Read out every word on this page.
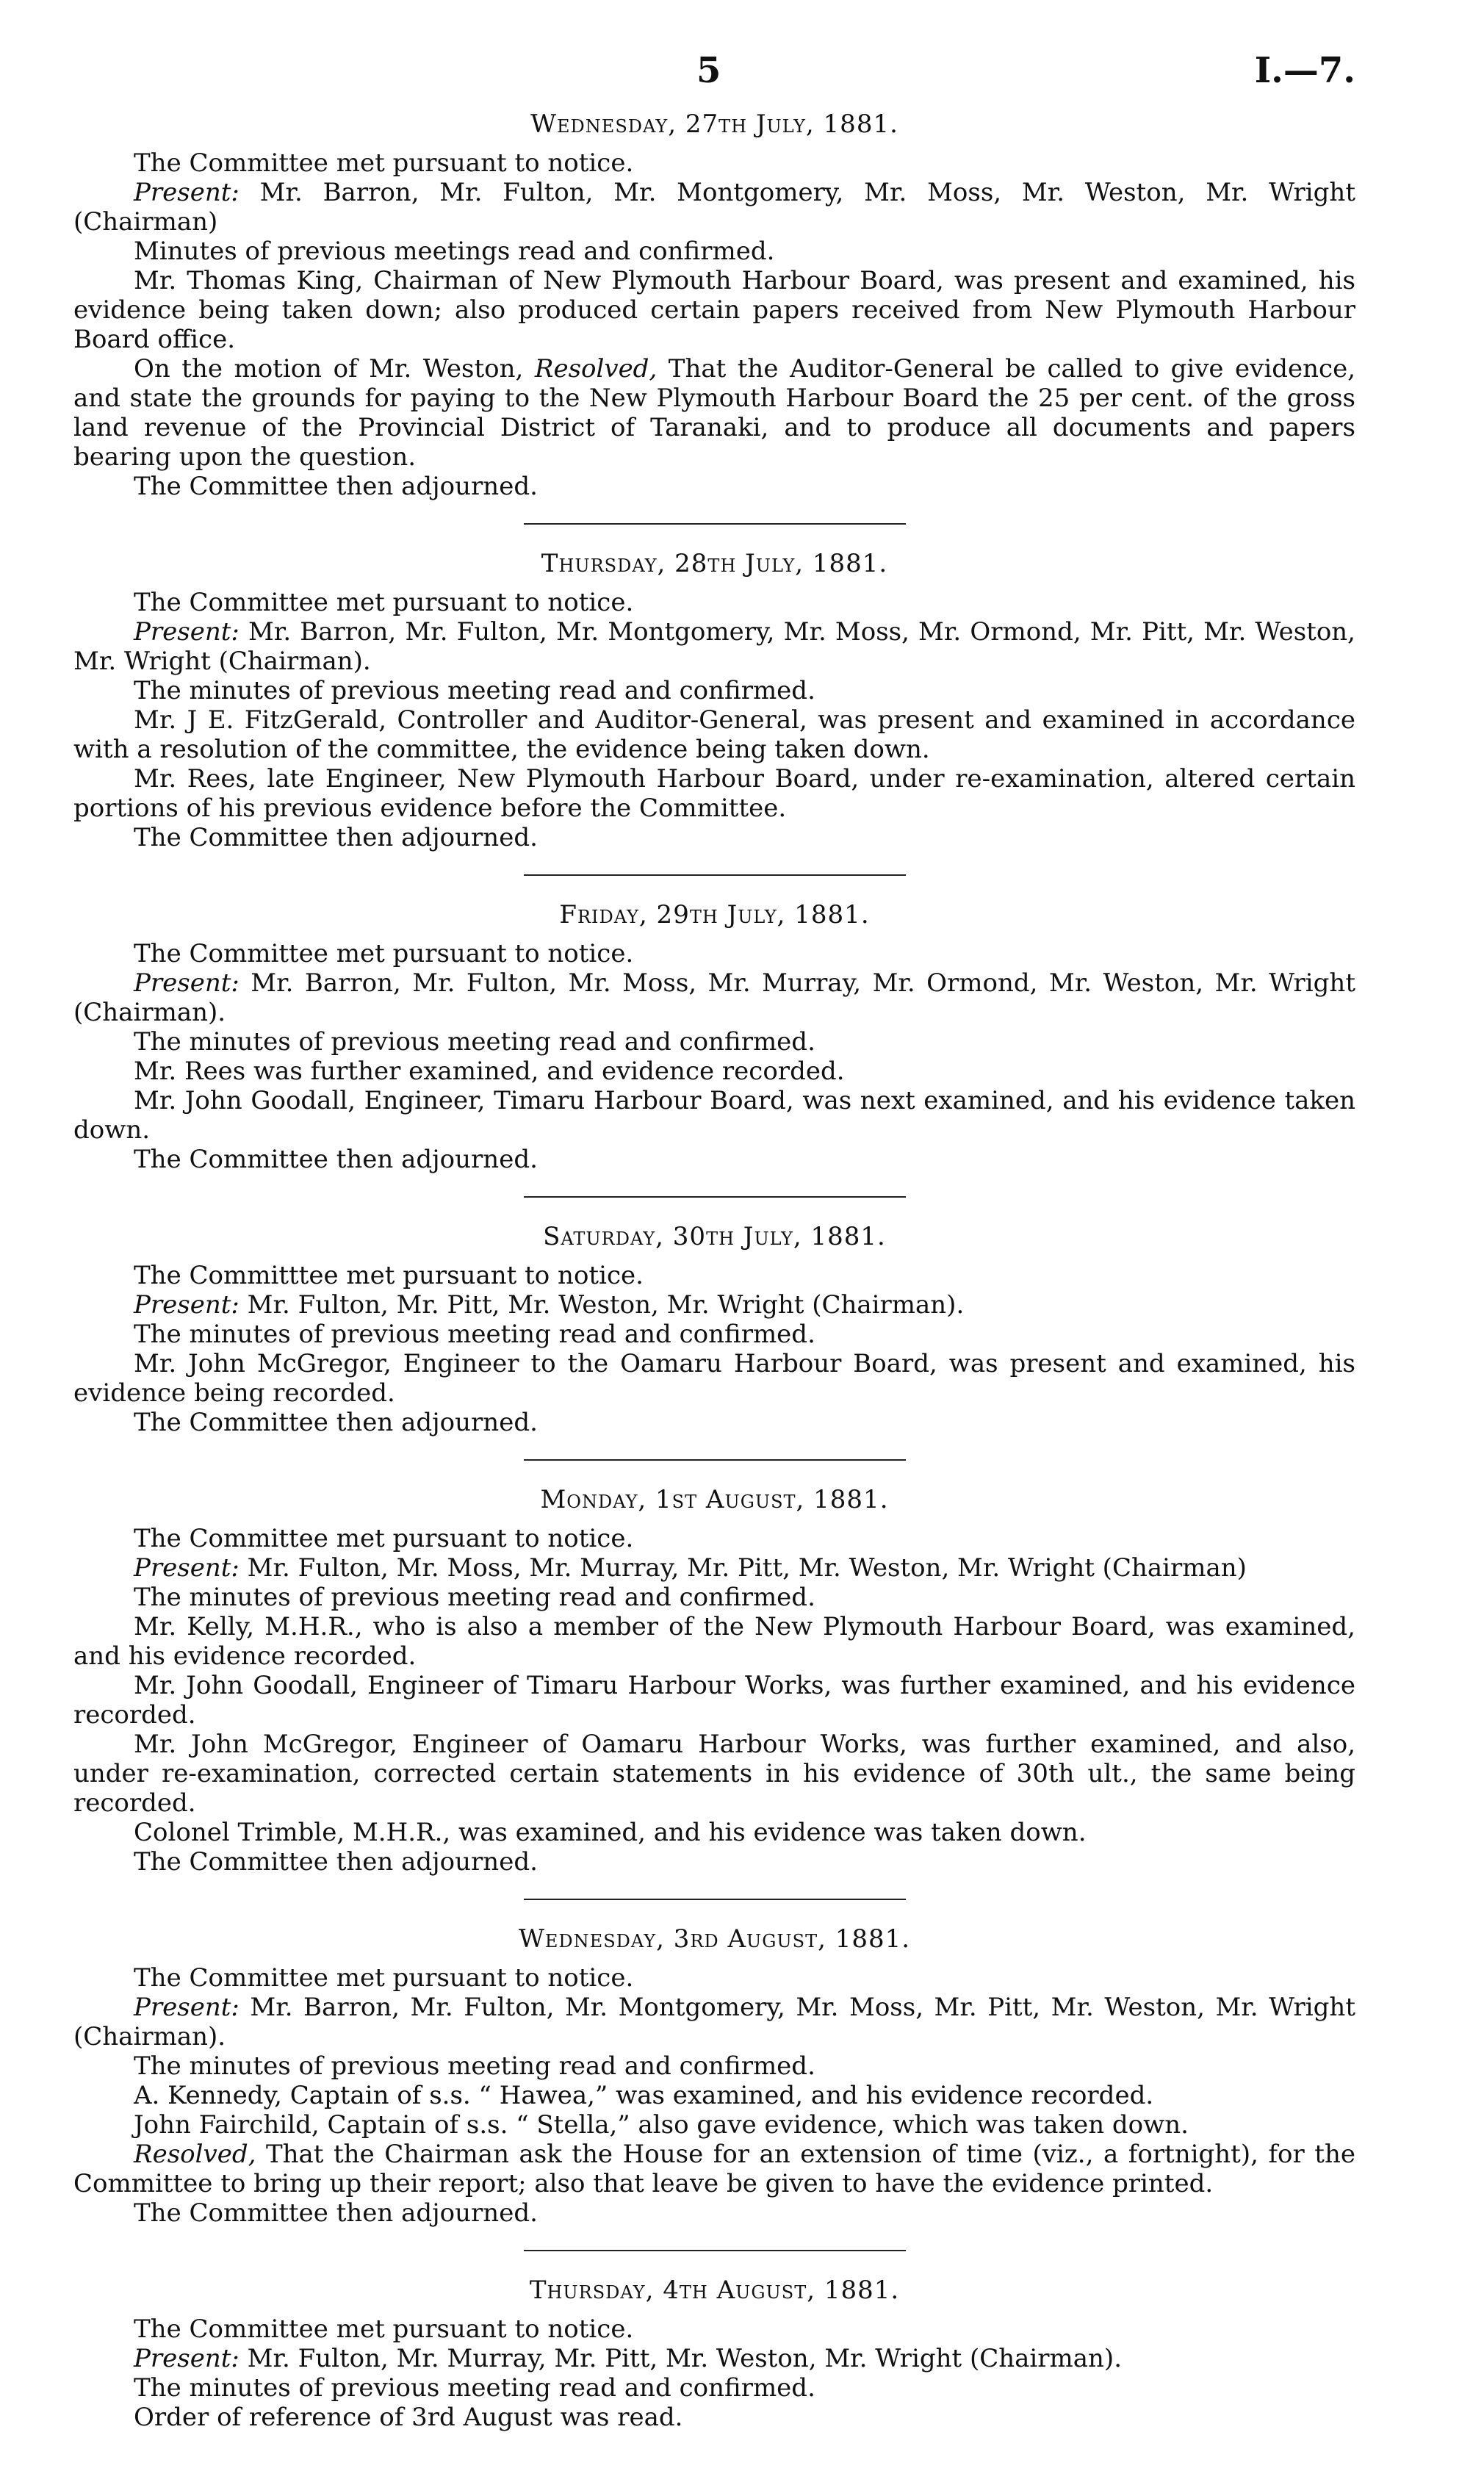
5	I.—7.
Wednesday, 27th July, 1881.

The Committee met pursuant to notice.

Present: Mr. Barron, Mr. Fulton, Mr. Montgomery, Mr. Moss, Mr. Weston, Mr. Wright (Chairman)

Minutes of previous meetings read and confirmed.

Mr. Thomas King, Chairman of New Plymouth Harbour Board, was present and examined, his evidence being taken down; also produced certain papers received from New Plymouth Harbour Board office.

On the motion of Mr. Weston, Resolved, That the Auditor-General be called to give evidence, and state the grounds for paying to the New Plymouth Harbour Board the 25 per cent. of the gross land revenue of the Provincial District of Taranaki, and to produce all documents and papers bearing upon the question.

The Committee then adjourned.

Thursday, 28th July, 1881.

The Committee met pursuant to notice.

Present: Mr. Barron, Mr. Fulton, Mr. Montgomery, Mr. Moss, Mr. Ormond, Mr. Pitt, Mr. Weston, Mr. Wright (Chairman).

The minutes of previous meeting read and confirmed.

Mr. J E. FitzGerald, Controller and Auditor-General, was present and examined in accordance with a resolution of the committee, the evidence being taken down.

Mr. Rees, late Engineer, New Plymouth Harbour Board, under re-examination, altered certain portions of his previous evidence before the Committee.

The Committee then adjourned.

Friday, 29th July, 1881.

The Committee met pursuant to notice.

Present: Mr. Barron, Mr. Fulton, Mr. Moss, Mr. Murray, Mr. Ormond, Mr. Weston, Mr. Wright (Chairman).

The minutes of previous meeting read and confirmed.

Mr. Rees was further examined, and evidence recorded.

Mr. John Goodall, Engineer, Timaru Harbour Board, was next examined, and his evidence taken down.

The Committee then adjourned.

Saturday, 30th July, 1881.

The Committtee met pursuant to notice.

Present: Mr. Fulton, Mr. Pitt, Mr. Weston, Mr. Wright (Chairman).

The minutes of previous meeting read and confirmed.

Mr. John McGregor, Engineer to the Oamaru Harbour Board, was present and examined, his evidence being recorded.

The Committee then adjourned.

Monday, 1st August, 1881.

The Committee met pursuant to notice.

Present: Mr. Fulton, Mr. Moss, Mr. Murray, Mr. Pitt, Mr. Weston, Mr. Wright (Chairman)

The minutes of previous meeting read and confirmed.

Mr. Kelly, M.H.R., who is also a member of the New Plymouth Harbour Board, was examined, and his evidence recorded.

Mr. John Goodall, Engineer of Timaru Harbour Works, was further examined, and his evidence recorded.

Mr. John McGregor, Engineer of Oamaru Harbour Works, was further examined, and also, under re-examination, corrected certain statements in his evidence of 30th ult., the same being recorded.

Colonel Trimble, M.H.R., was examined, and his evidence was taken down.

The Committee then adjourned.

Wednesday, 3rd August, 1881.

The Committee met pursuant to notice.

Present: Mr. Barron, Mr. Fulton, Mr. Montgomery, Mr. Moss, Mr. Pitt, Mr. Weston, Mr. Wright (Chairman).

The minutes of previous meeting read and confirmed.

A. Kennedy, Captain of s.s. “ Hawea,” was examined, and his evidence recorded.

John Fairchild, Captain of s.s. “ Stella,” also gave evidence, which was taken down.

Resolved, That the Chairman ask the House for an extension of time (viz., a fortnight), for the Committee to bring up their report; also that leave be given to have the evidence printed.

The Committee then adjourned.

Thursday, 4th August, 1881.

The Committee met pursuant to notice.

Present: Mr. Fulton, Mr. Murray, Mr. Pitt, Mr. Weston, Mr. Wright (Chairman).

The minutes of previous meeting read and confirmed.

Order of reference of 3rd August was read.
